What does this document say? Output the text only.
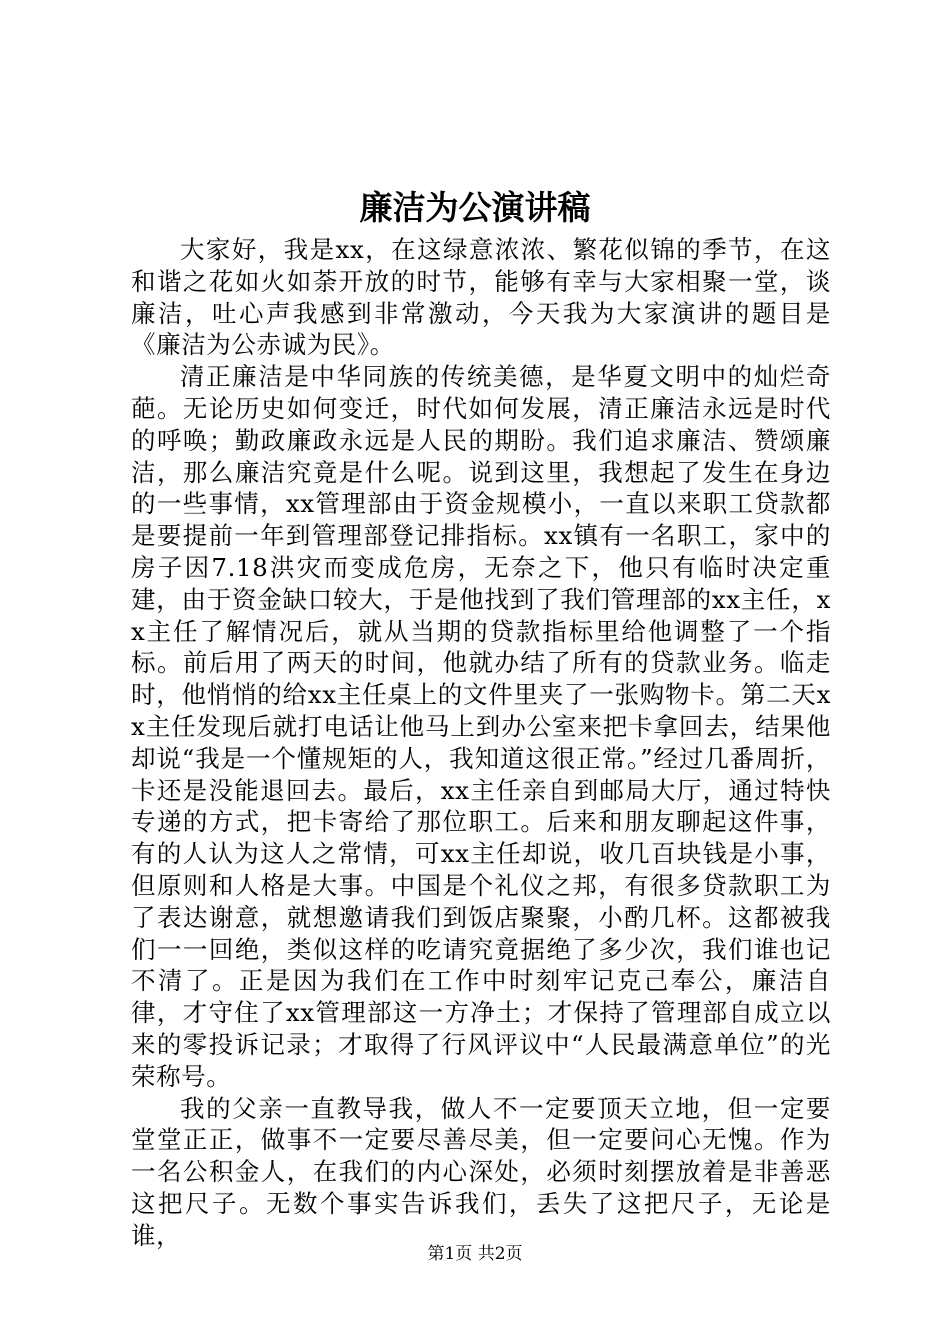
廉洁为公演讲稿

大家好，我是xx，在这绿意浓浓、繁花似锦的季节，在这和谐之花如火如荼开放的时节，能够有幸与大家相聚一堂，谈廉洁，吐心声我感到非常激动，今天我为大家演讲的题目是《廉洁为公赤诚为民》。

清正廉洁是中华同族的传统美德，是华夏文明中的灿烂奇葩。无论历史如何变迁，时代如何发展，清正廉洁永远是时代的呼唤；勤政廉政永远是人民的期盼。我们追求廉洁、赞颂廉洁，那么廉洁究竟是什么呢。说到这里，我想起了发生在身边的一些事情，xx管理部由于资金规模小，一直以来职工贷款都是要提前一年到管理部登记排指标。xx镇有一名职工，家中的房子因7.18洪灾而变成危房，无奈之下，他只有临时决定重建，由于资金缺口较大，于是他找到了我们管理部的xx主任，xx主任了解情况后，就从当期的贷款指标里给他调整了一个指标。前后用了两天的时间，他就办结了所有的贷款业务。临走时，他悄悄的给xx主任桌上的文件里夹了一张购物卡。第二天xx主任发现后就打电话让他马上到办公室来把卡拿回去，结果他却说“我是一个懂规矩的人，我知道这很正常。”经过几番周折，卡还是没能退回去。最后，xx主任亲自到邮局大厅，通过特快专递的方式，把卡寄给了那位职工。后来和朋友聊起这件事，有的人认为这人之常情，可xx主任却说，收几百块钱是小事，但原则和人格是大事。中国是个礼仪之邦，有很多贷款职工为了表达谢意，就想邀请我们到饭店聚聚，小酌几杯。这都被我们一一回绝，类似这样的吃请究竟据绝了多少次，我们谁也记不清了。正是因为我们在工作中时刻牢记克己奉公，廉洁自律，才守住了xx管理部这一方净土；才保持了管理部自成立以来的零投诉记录；才取得了行风评议中“人民最满意单位”的光荣称号。

我的父亲一直教导我，做人不一定要顶天立地，但一定要堂堂正正，做事不一定要尽善尽美，但一定要问心无愧。作为一名公积金人，在我们的内心深处，必须时刻摆放着是非善恶这把尺子。无数个事实告诉我们，丢失了这把尺子，无论是谁，

第1页 共2页
